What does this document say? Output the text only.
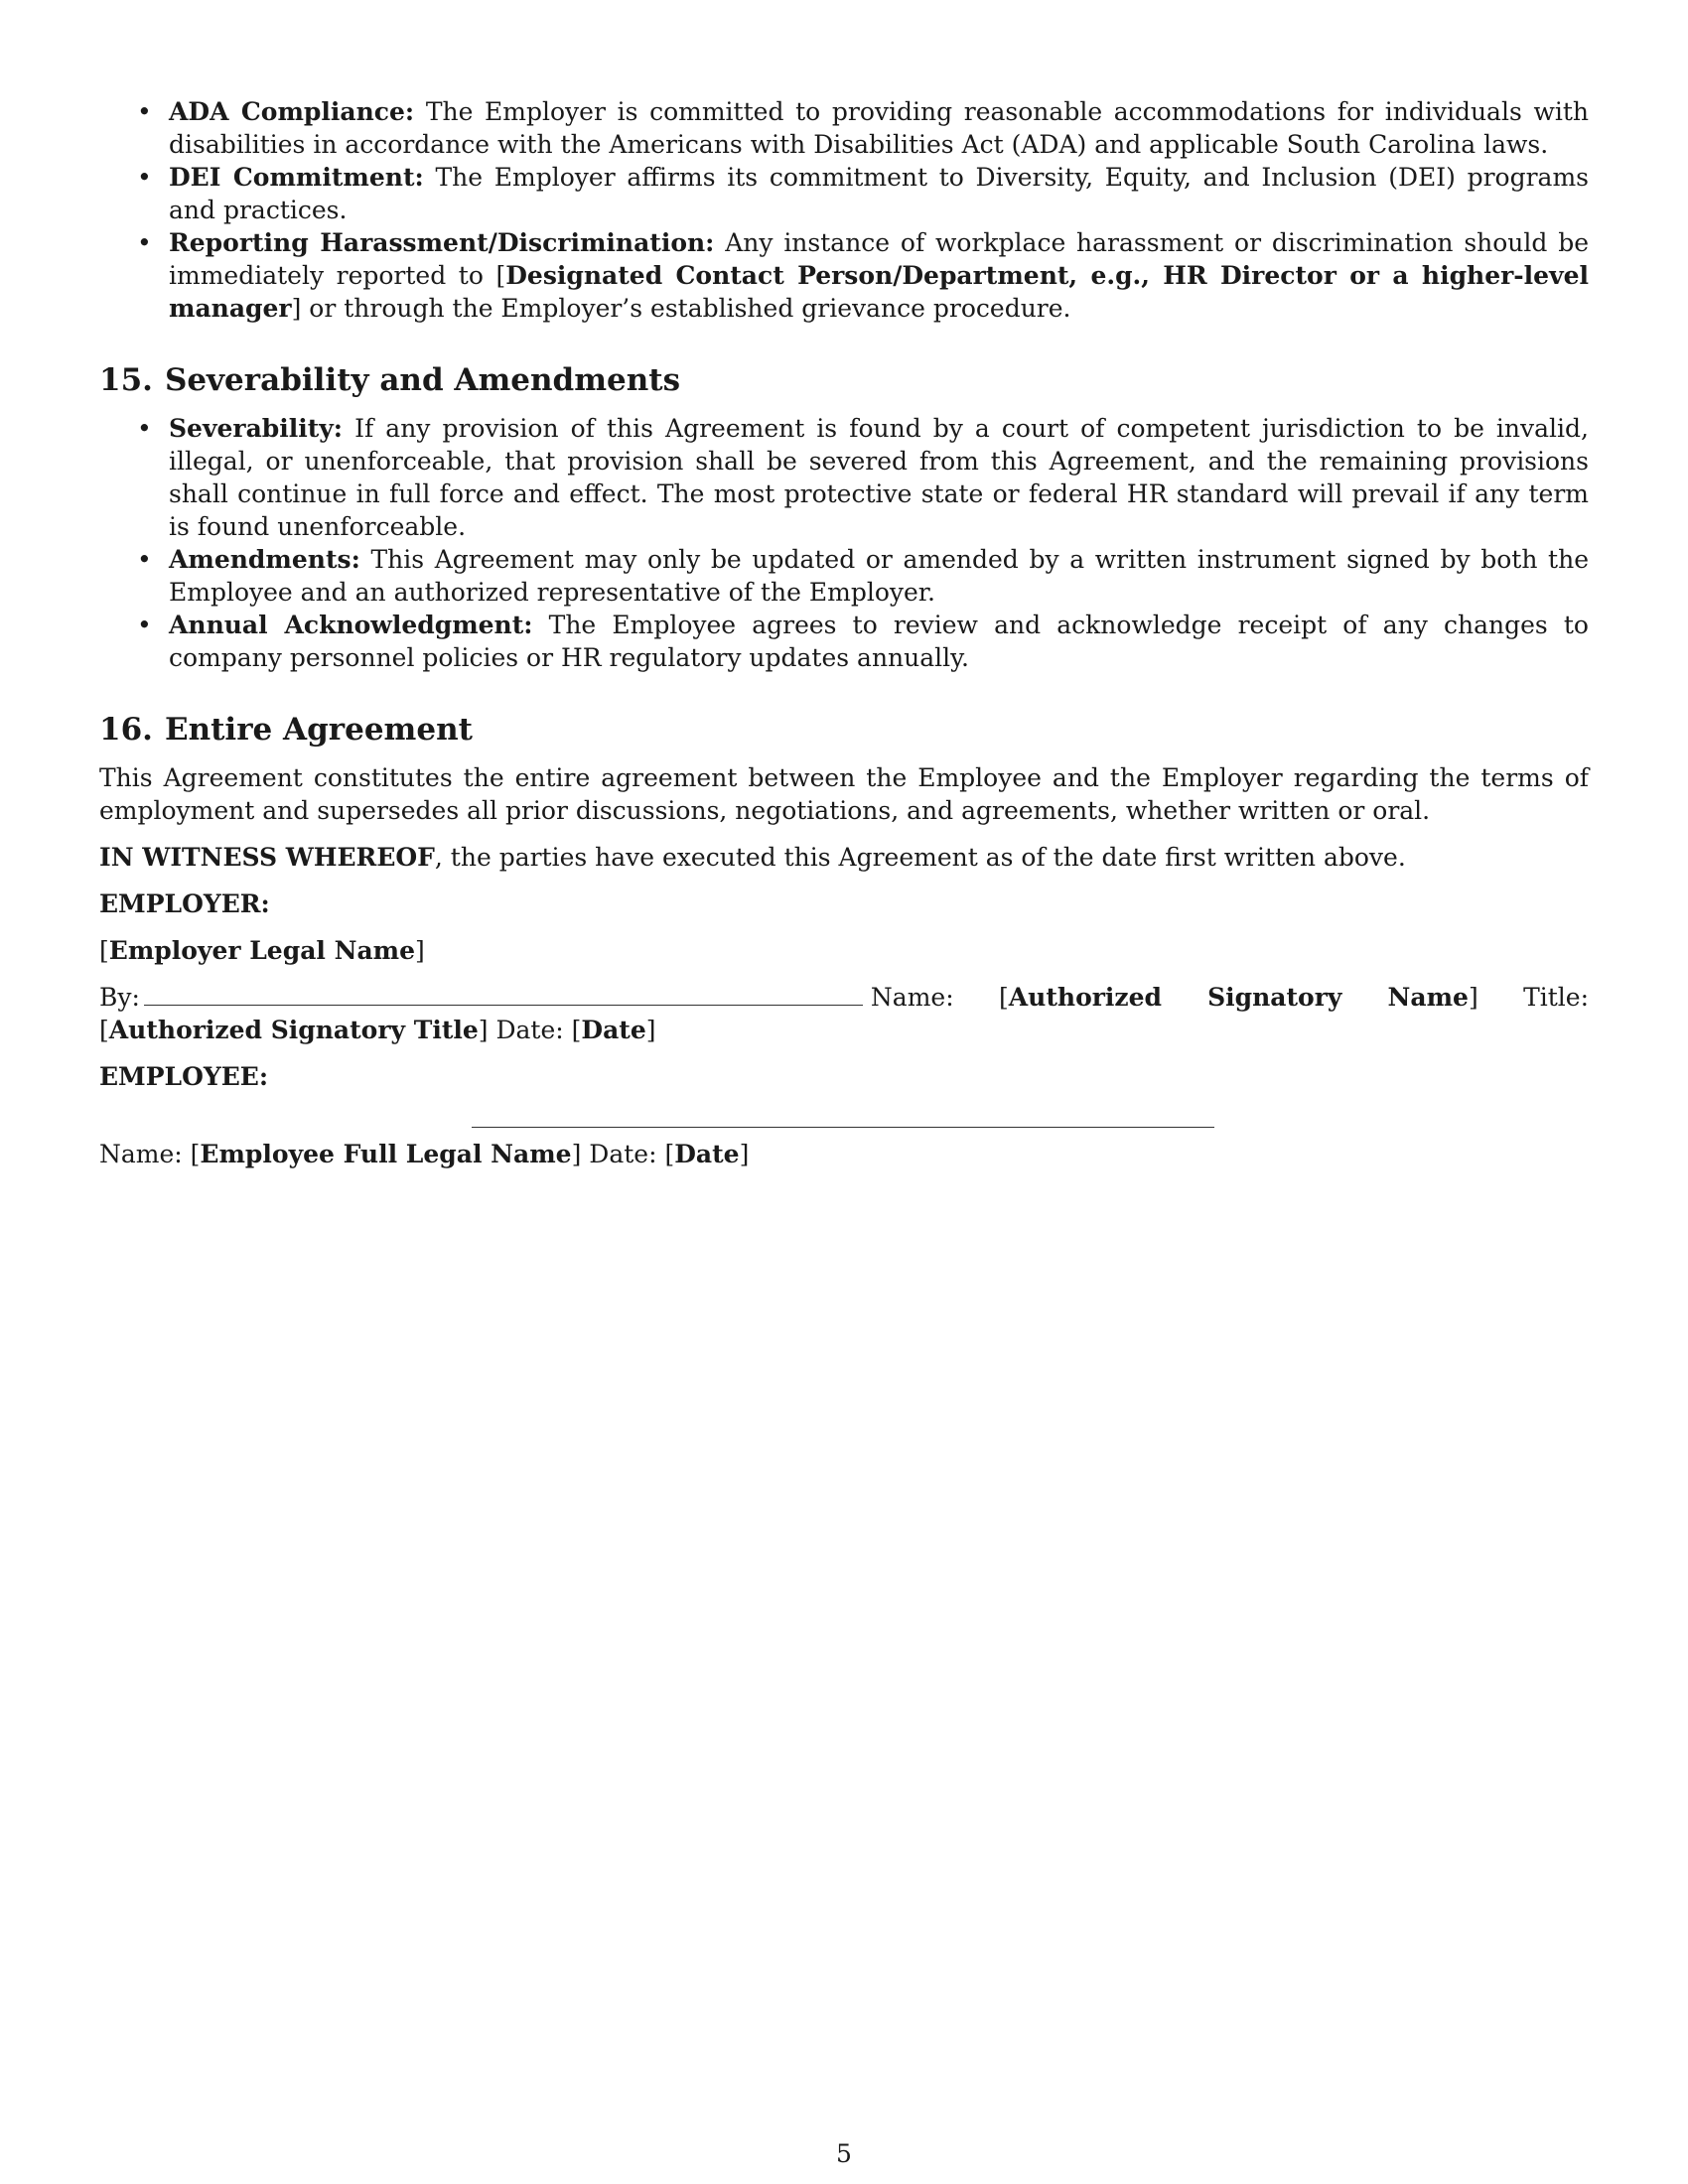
• ADA Compliance: The Employer is committed to providing reasonable accommodations for individuals with disabilities in accordance with the Americans with Disabilities Act (ADA) and applicable South Carolina laws.
• DEI Commitment: The Employer affirms its commitment to Diversity, Equity, and Inclusion (DEI) programs and practices.
• Reporting Harassment/Discrimination: Any instance of workplace harassment or discrimination should be immediately reported to [Designated Contact Person/Department, e.g., HR Director or a higher-level manager] or through the Employer’s established grievance procedure.
15. Severability and Amendments
• Severability: If any provision of this Agreement is found by a court of competent jurisdiction to be invalid, illegal, or unenforceable, that provision shall be severed from this Agreement, and the remaining provisions shall continue in full force and effect. The most protective state or federal HR standard will prevail if any term is found unenforceable.
• Amendments: This Agreement may only be updated or amended by a written instrument signed by both the Employee and an authorized representative of the Employer.
• Annual Acknowledgment: The Employee agrees to review and acknowledge receipt of any changes to company personnel policies or HR regulatory updates annually.
16. Entire Agreement

This Agreement constitutes the entire agreement between the Employee and the Employer regarding the terms of employment and supersedes all prior discussions, negotiations, and agreements, whether written or oral.

IN WITNESS WHEREOF, the parties have executed this Agreement as of the date first written above.

EMPLOYER:

[Employer Legal Name]

By:	Name: [Authorized Signatory Name] Title: [Authorized Signatory Title] Date: [Date]

EMPLOYEE:

Name: [Employee Full Legal Name] Date: [Date]

5
